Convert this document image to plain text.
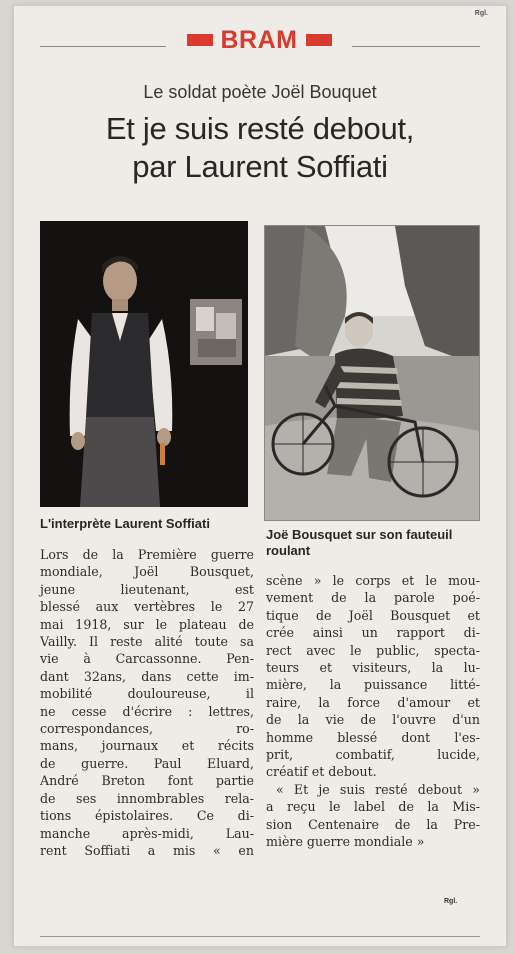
Rgl.
BRAM
Le soldat poète Joël Bouquet
Et je suis resté debout,
par Laurent Soffiati
L'interprète Laurent Soffiati
Joë Bousquet sur son fauteuil roulant
Lors de la Première guerre
mondiale, Joël Bousquet,
jeune lieutenant, est
blessé aux vertèbres le 27
mai 1918, sur le plateau de
Vailly. Il reste alité toute sa
vie à Carcassonne. Pen-
dant 32ans, dans cette im-
mobilité douloureuse, il
ne cesse d'écrire : lettres,
correspondances, ro-
mans, journaux et récits
de guerre. Paul Eluard,
André Breton font partie
de ses innombrables rela-
tions épistolaires. Ce di-
manche après-midi, Lau-
rent Soffiati a mis « en
scène » le corps et le mou-
vement de la parole poé-
tique de Joël Bousquet et
crée ainsi un rapport di-
rect avec le public, specta-
teurs et visiteurs, la lu-
mière, la puissance litté-
raire, la force d'amour et
de la vie de l'ouvre d'un
homme blessé dont l'es-
prit, combatif, lucide,
créatif et debout.
« Et je suis resté debout »
a reçu le label de la Mis-
sion Centenaire de la Pre-
mière guerre mondiale »
Rgl.
